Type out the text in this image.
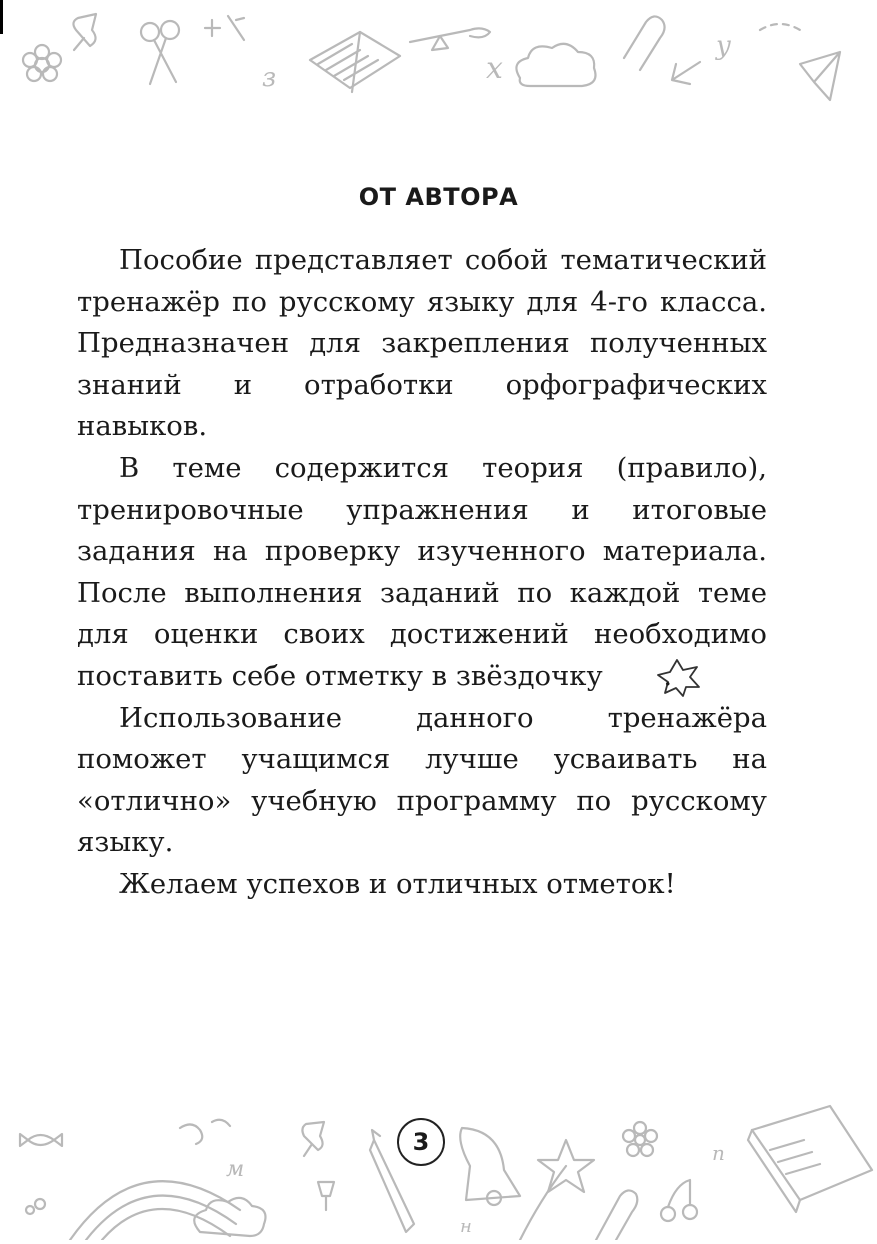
з	х
у
ОТ АВТОРА

Пособие представляет собой тематический тренажёр по русскому языку для 4-го класса. Предназначен для закрепления полученных знаний и отработки орфографических навыков.

В теме содержится теория (правило), тренировочные упражнения и итоговые задания на проверку изученного материала. После выполнения заданий по каждой теме для оценки своих достижений необходимо поставить себе отметку в звёздочку .

Использование данного тренажёра поможет учащимся лучше усваивать на «отлично» учебную программу по русскому языку.

Желаем успехов и отличных отметок!

м
н
п
3
